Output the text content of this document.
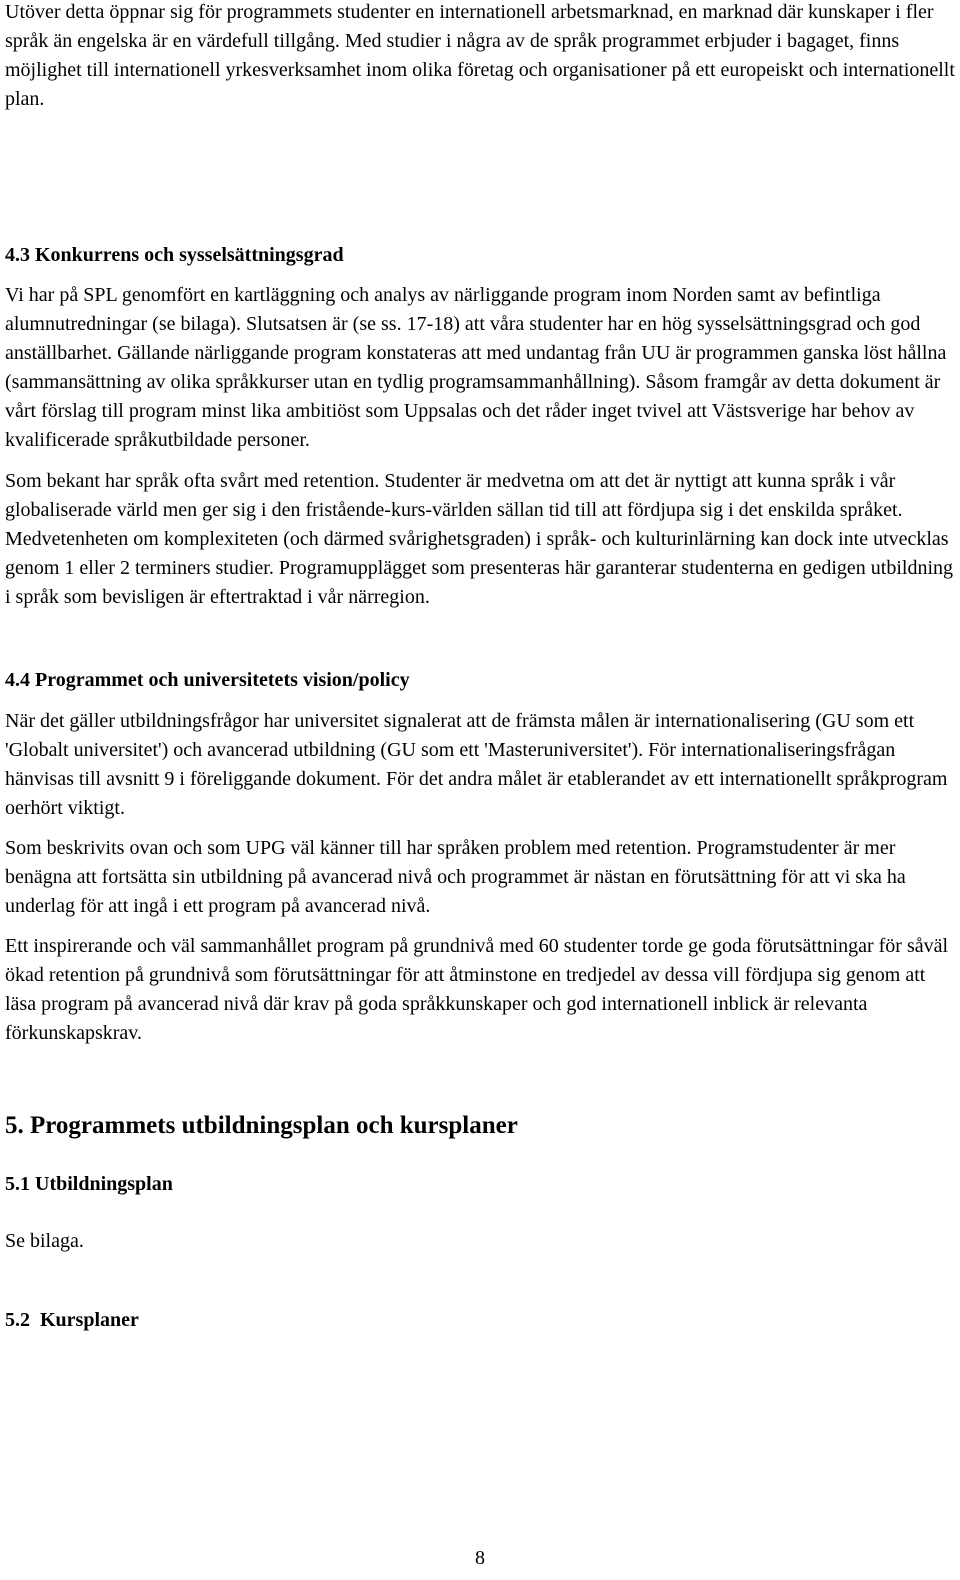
Utöver detta öppnar sig för programmets studenter en internationell arbetsmarknad, en marknad där kunskaper i fler språk än engelska är en värdefull tillgång. Med studier i några av de språk programmet erbjuder i bagaget, finns möjlighet till internationell yrkesverksamhet inom olika företag och organisationer på ett europeiskt och internationellt plan.

4.3 Konkurrens och sysselsättningsgrad

Vi har på SPL genomfört en kartläggning och analys av närliggande program inom Norden samt av befintliga alumnutredningar (se bilaga). Slutsatsen är (se ss. 17-18) att våra studenter har en hög sysselsättningsgrad och god anställbarhet. Gällande närliggande program konstateras att med undantag från UU är programmen ganska löst hållna (sammansättning av olika språkkurser utan en tydlig programsammanhållning). Såsom framgår av detta dokument är vårt förslag till program minst lika ambitiöst som Uppsalas och det råder inget tvivel att Västsverige har behov av kvalificerade språkutbildade personer.

Som bekant har språk ofta svårt med retention. Studenter är medvetna om att det är nyttigt att kunna språk i vår globaliserade värld men ger sig i den fristående-kurs-världen sällan tid till att fördjupa sig i det enskilda språket. Medvetenheten om komplexiteten (och därmed svårighetsgraden) i språk- och kulturinlärning kan dock inte utvecklas genom 1 eller 2 terminers studier. Programupplägget som presenteras här garanterar studenterna en gedigen utbildning i språk som bevisligen är eftertraktad i vår närregion.

4.4 Programmet och universitetets vision/policy

När det gäller utbildningsfrågor har universitet signalerat att de främsta målen är internationalisering (GU som ett 'Globalt universitet') och avancerad utbildning (GU som ett 'Masteruniversitet'). För internationaliseringsfrågan hänvisas till avsnitt 9 i föreliggande dokument. För det andra målet är etablerandet av ett internationellt språkprogram oerhört viktigt.

Som beskrivits ovan och som UPG väl känner till har språken problem med retention. Programstudenter är mer benägna att fortsätta sin utbildning på avancerad nivå och programmet är nästan en förutsättning för att vi ska ha underlag för att ingå i ett program på avancerad nivå.

Ett inspirerande och väl sammanhållet program på grundnivå med 60 studenter torde ge goda förutsättningar för såväl ökad retention på grundnivå som förutsättningar för att åtminstone en tredjedel av dessa vill fördjupa sig genom att läsa program på avancerad nivå där krav på goda språkkunskaper och god internationell inblick är relevanta förkunskapskrav.

5. Programmets utbildningsplan och kursplaner
5.1 Utbildningsplan

Se bilaga.

5.2  Kursplaner
8
